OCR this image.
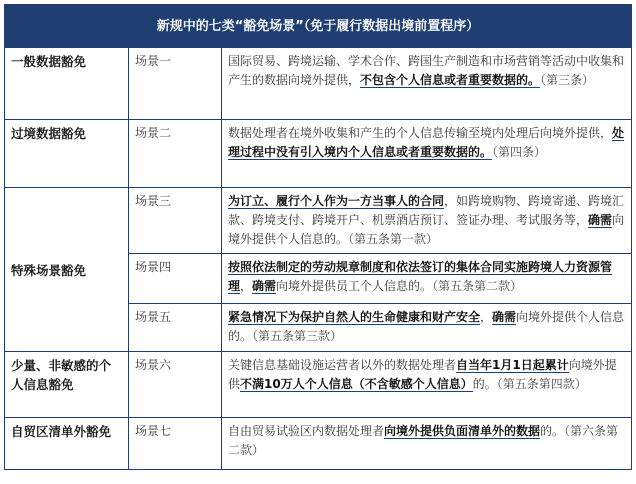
新规中的七类“豁免场景”（免于履行数据出境前置程序）		
一般数据豁免	场景一	国际贸易、跨境运输、学术合作、跨国生产制造和市场营销等活动中收集和产生的数据向境外提供，不包含个人信息或者重要数据的。（第三条）
过境数据豁免	场景二	数据处理者在境外收集和产生的个人信息传输至境内处理后向境外提供，处理过程中没有引入境内个人信息或者重要数据的。（第四条）
特殊场景豁免	场景三	为订立、履行个人作为一方当事人的合同，如跨境购物、跨境寄递、跨境汇款、跨境支付、跨境开户、机票酒店预订、签证办理、考试服务等，确需向境外提供个人信息的。（第五条第一款）
	场景四	按照依法制定的劳动规章制度和依法签订的集体合同实施跨境人力资源管理，确需向境外提供员工个人信息的。（第五条第二款）
	场景五	紧急情况下为保护自然人的生命健康和财产安全，确需向境外提供个人信息的。（第五条第三款）
少量、非敏感的个人信息豁免	场景六	关键信息基础设施运营者以外的数据处理者自当年1月1日起累计向境外提供不满10万人个人信息（不含敏感个人信息）的。（第五条第四款）
自贸区清单外豁免	场景七	自由贸易试验区内数据处理者向境外提供负面清单外的数据的。（第六条第二款）
